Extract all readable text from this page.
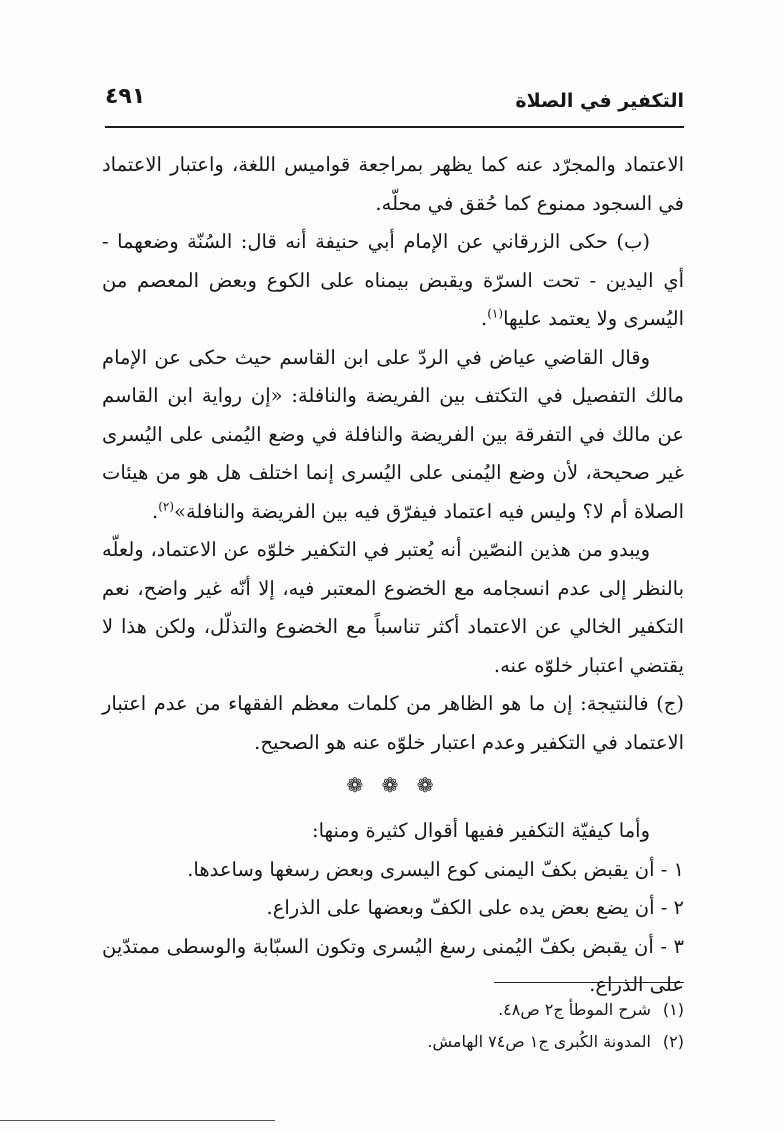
التكفير في الصلاة
٤٩١

الاعتماد والمجرّد عنه كما يظهر بمراجعة قواميس اللغة، واعتبار الاعتماد في السجود ممنوع كما حُقق في محلّه.

(ب) حكى الزرقاني عن الإمام أبي حنيفة أنه قال: السُنّة وضعهما - أي اليدين - تحت السرّة ويقبض بيمناه على الكوع وبعض المعصم من اليُسرى ولا يعتمد عليها$^{(١)}$.

وقال القاضي عياض في الردّ على ابن القاسم حيث حكى عن الإمام مالك التفصيل في التكتف بين الفريضة والنافلة: «إن رواية ابن القاسم عن مالك في التفرقة بين الفريضة والنافلة في وضع اليُمنى على اليُسرى غير صحيحة، لأن وضع اليُمنى على اليُسرى إنما اختلف هل هو من هيئات الصلاة أم لا؟ وليس فيه اعتماد فيفرّق فيه بين الفريضة والنافلة»$^{(٢)}$.

ويبدو من هذين النصّين أنه يُعتبر في التكفير خلوّه عن الاعتماد، ولعلّه بالنظر إلى عدم انسجامه مع الخضوع المعتبر فيه، إلا أنّه غير واضح، نعم التكفير الخالي عن الاعتماد أكثر تناسباً مع الخضوع والتذلّل، ولكن هذا لا يقتضي اعتبار خلوّه عنه.

(ج) فالنتيجة: إن ما هو الظاهر من كلمات معظم الفقهاء من عدم اعتبار الاعتماد في التكفير وعدم اعتبار خلوّه عنه هو الصحيح.

❁ ❁ ❁

وأما كيفيّة التكفير ففيها أقوال كثيرة ومنها:

١ - أن يقبض بكفّ اليمنى كوع اليسرى وبعض رسغها وساعدها.

٢ - أن يضع بعض يده على الكفّ وبعضها على الذراع.

٣ - أن يقبض بكفّ اليُمنى رسغ اليُسرى وتكون السبّابة والوسطى ممتدّين على الذراع.

(١)شرح الموطأ ج٢ ص٤٨.

(٢)المدونة الكُبرى ج١ ص٧٤ الهامش.
